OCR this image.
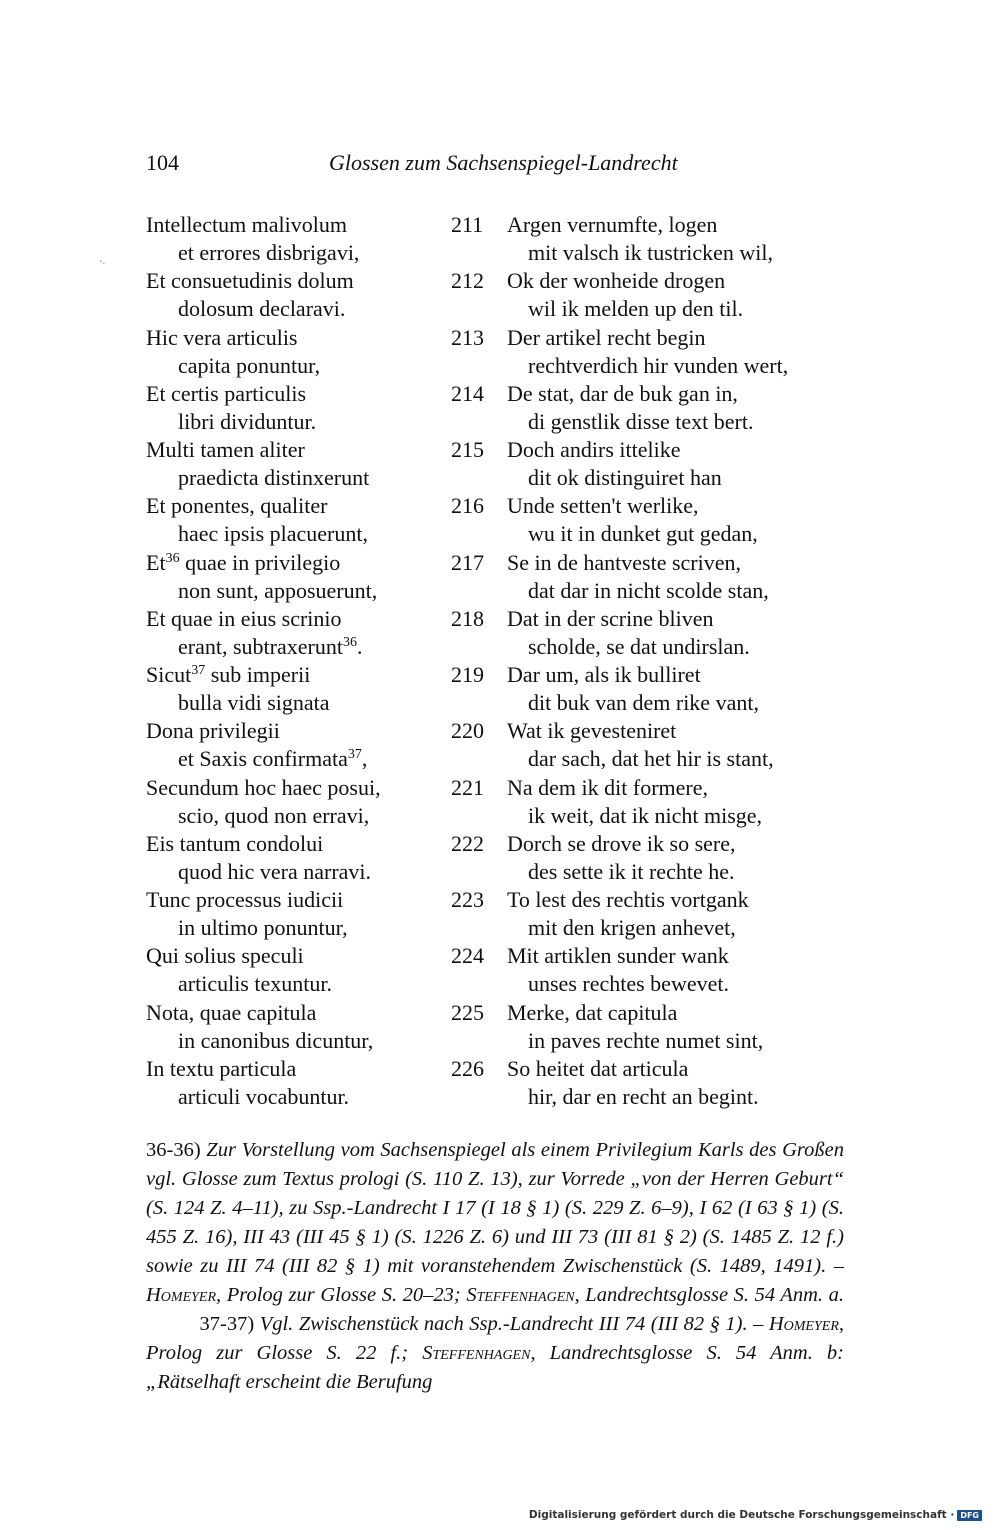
104	Glossen zum Sachsenspiegel-Landrecht
'·
Intellectum malivolum
et errores disbrigavi,
211 Argen vernumfte, logen
mit valsch ik tustricken wil,
Et consuetudinis dolum
dolosum declaravi.
212 Ok der wonheide drogen
wil ik melden up den til.
Hic vera articulis
capita ponuntur,
213 Der artikel recht begin
rechtverdich hir vunden wert,
Et certis particulis
libri dividuntur.
214 De stat, dar de buk gan in,
di genstlik disse text bert.
Multi tamen aliter
praedicta distinxerunt
215 Doch andirs ittelike
dit ok distinguiret han
Et ponentes, qualiter
haec ipsis placuerunt,
216 Unde setten't werlike,
wu it in dunket gut gedan,
Et$^{36}$ quae in privilegio
non sunt, apposuerunt,
217 Se in de hantveste scriven,
dat dar in nicht scolde stan,
Et quae in eius scrinio
erant, subtraxerunt$^{36}$.
218 Dat in der scrine bliven
scholde, se dat undirslan.
Sicut$^{37}$ sub imperii
bulla vidi signata
219 Dar um, als ik bulliret
dit buk van dem rike vant,
Dona privilegii
et Saxis confirmata$^{37}$,
220 Wat ik gevesteniret
dar sach, dat het hir is stant,
Secundum hoc haec posui,
scio, quod non erravi,
221 Na dem ik dit formere,
ik weit, dat ik nicht misge,
Eis tantum condolui
quod hic vera narravi.
222 Dorch se drove ik so sere,
des sette ik it rechte he.
Tunc processus iudicii
in ultimo ponuntur,
223 To lest des rechtis vortgank
mit den krigen anhevet,
Qui solius speculi
articulis texuntur.
224 Mit artiklen sunder wank
unses rechtes bewevet.
Nota, quae capitula
in canonibus dicuntur,
225 Merke, dat capitula
in paves rechte numet sint,
In textu particula
articuli vocabuntur.
226 So heitet dat articula
hir, dar en recht an begint.
36-36) Zur Vorstellung vom Sachsenspiegel als einem Privilegium Karls des Großen vgl. Glosse zum Textus prologi (S. 110 Z. 13), zur Vorrede „von der Herren Geburt“ (S. 124 Z. 4–11), zu Ssp.-Landrecht I 17 (I 18 § 1) (S. 229 Z. 6–9), I 62 (I 63 § 1) (S. 455 Z. 16), III 43 (III 45 § 1) (S. 1226 Z. 6) und III 73 (III 81 § 2) (S. 1485 Z. 12 f.) sowie zu III 74 (III 82 § 1) mit voranstehendem Zwischenstück (S. 1489, 1491). – Homeyer, Prolog zur Glosse S. 20–23; Steffenhagen, Landrechtsglosse S. 54 Anm. a.  37-37) Vgl. Zwischenstück nach Ssp.-Landrecht III 74 (III 82 § 1). – Homeyer, Prolog zur Glosse S. 22 f.; Steffenhagen, Landrechtsglosse S. 54 Anm. b: „Rätselhaft erscheint die Berufung
Digitalisierung gefördert durch die Deutsche Forschungsgemeinschaft · DFG
